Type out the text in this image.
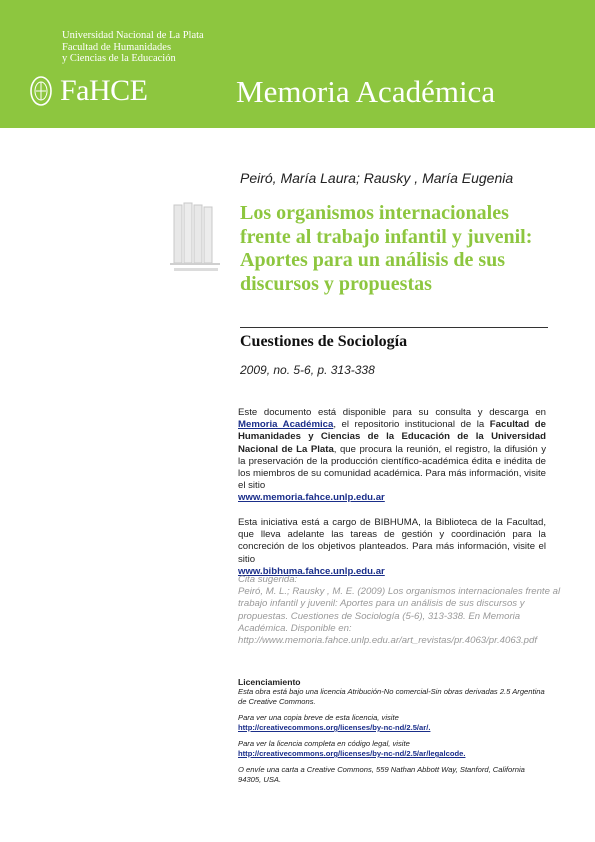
Universidad Nacional de La Plata
Facultad de Humanidades
y Ciencias de la Educación
FaHCE	Memoria Académica
Peiró, María Laura; Rausky , María Eugenia
Los organismos internacionales frente al trabajo infantil y juvenil: Aportes para un análisis de sus discursos y propuestas
Cuestiones de Sociología
2009, no. 5-6, p. 313-338
Este documento está disponible para su consulta y descarga en Memoria Académica, el repositorio institucional de la Facultad de Humanidades y Ciencias de la Educación de la Universidad Nacional de La Plata, que procura la reunión, el registro, la difusión y la preservación de la producción científico-académica édita e inédita de los miembros de su comunidad académica. Para más información, visite el sitio
www.memoria.fahce.unlp.edu.ar
Esta iniciativa está a cargo de BIBHUMA, la Biblioteca de la Facultad, que lleva adelante las tareas de gestión y coordinación para la concreción de los objetivos planteados. Para más información, visite el sitio
www.bibhuma.fahce.unlp.edu.ar
Cita sugerida:
Peiró, M. L.; Rausky , M. E. (2009) Los organismos internacionales frente al trabajo infantil y juvenil: Aportes para un análisis de sus discursos y propuestas. Cuestiones de Sociología (5-6), 313-338. En Memoria Académica. Disponible en:
http://www.memoria.fahce.unlp.edu.ar/art_revistas/pr.4063/pr.4063.pdf
Licenciamiento
Esta obra está bajo una licencia Atribución-No comercial-Sin obras derivadas 2.5 Argentina de Creative Commons.
Para ver una copia breve de esta licencia, visite
http://creativecommons.org/licenses/by-nc-nd/2.5/ar/.
Para ver la licencia completa en código legal, visite
http://creativecommons.org/licenses/by-nc-nd/2.5/ar/legalcode.
O envíe una carta a Creative Commons, 559 Nathan Abbott Way, Stanford, California 94305, USA.
